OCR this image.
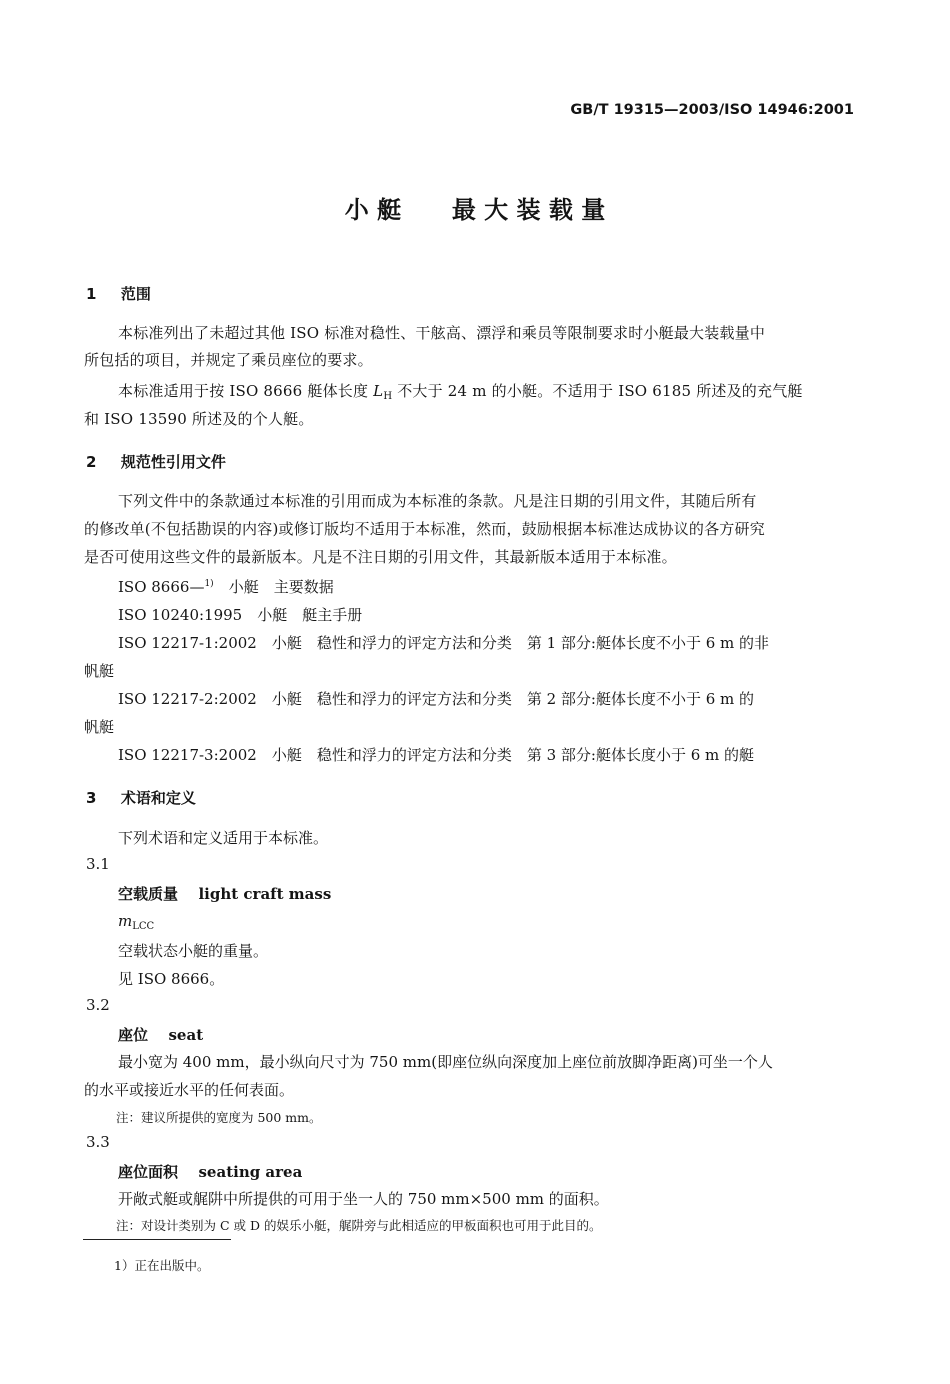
GB/T 19315—2003/ISO 14946:2001
小 艇 最 大 装 载 量
1 范围
本标准列出了未超过其他 ISO 标准对稳性、干舷高、漂浮和乘员等限制要求时小艇最大装载量中
所包括的项目，并规定了乘员座位的要求。
本标准适用于按 ISO 8666 艇体长度 $L_H$ 不大于 24 m 的小艇。不适用于 ISO 6185 所述及的充气艇
和 ISO 13590 所述及的个人艇。
2 规范性引用文件
下列文件中的条款通过本标准的引用而成为本标准的条款。凡是注日期的引用文件，其随后所有
的修改单(不包括勘误的内容)或修订版均不适用于本标准，然而，鼓励根据本标准达成协议的各方研究
是否可使用这些文件的最新版本。凡是不注日期的引用文件，其最新版本适用于本标准。
ISO 8666—$^{1)}$　小艇　主要数据
ISO 10240:1995　小艇　艇主手册
ISO 12217-1:2002　小艇　稳性和浮力的评定方法和分类　第 1 部分:艇体长度不小于 6 m 的非
帆艇
ISO 12217-2:2002　小艇　稳性和浮力的评定方法和分类　第 2 部分:艇体长度不小于 6 m 的
帆艇
ISO 12217-3:2002　小艇　稳性和浮力的评定方法和分类　第 3 部分:艇体长度小于 6 m 的艇
3 术语和定义
下列术语和定义适用于本标准。
3.1
空载质量 light craft mass
$m_{LCC}$
空载状态小艇的重量。
见 ISO 8666。
3.2
座位 seat
最小宽为 400 mm，最小纵向尺寸为 750 mm(即座位纵向深度加上座位前放脚净距离)可坐一个人
的水平或接近水平的任何表面。
注：建议所提供的宽度为 500 mm。
3.3
座位面积 seating area
开敞式艇或艉阱中所提供的可用于坐一人的 750 mm×500 mm 的面积。
注：对设计类别为 C 或 D 的娱乐小艇，艉阱旁与此相适应的甲板面积也可用于此目的。
1）正在出版中。
